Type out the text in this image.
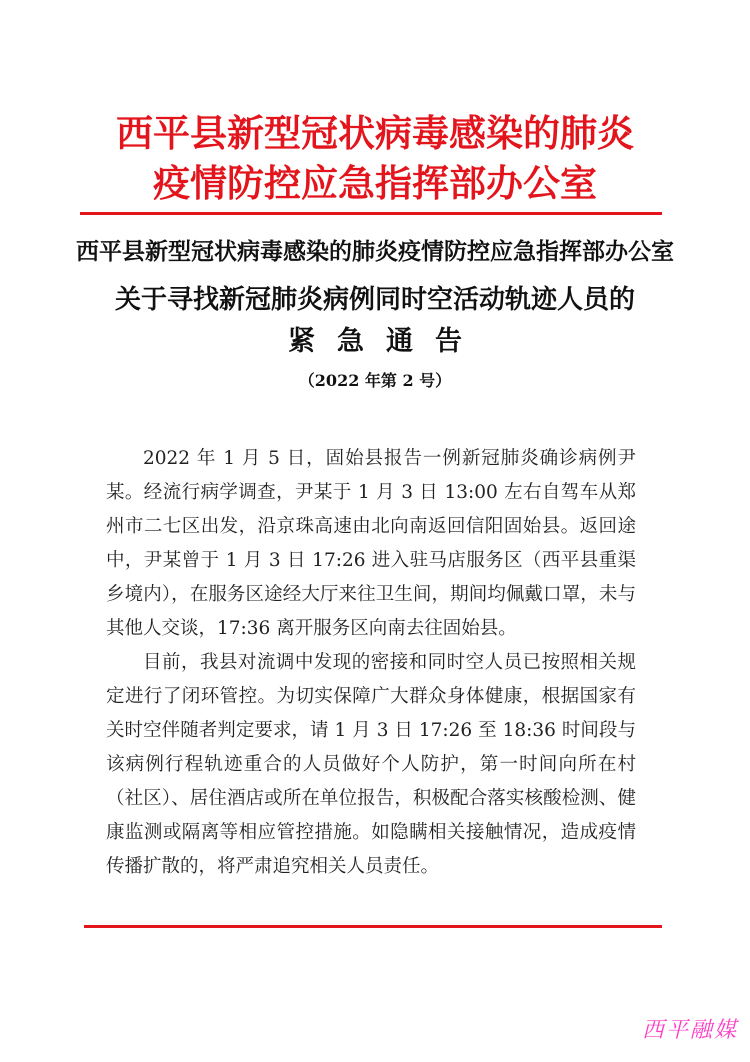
西平县新型冠状病毒感染的肺炎
疫情防控应急指挥部办公室
西平县新型冠状病毒感染的肺炎疫情防控应急指挥部办公室
关于寻找新冠肺炎病例同时空活动轨迹人员的
紧急通告
（2022 年第 2 号）

2022 年 1 月 5 日，固始县报告一例新冠肺炎确诊病例尹某。经流行病学调查，尹某于 1 月 3 日 13:00 左右自驾车从郑州市二七区出发，沿京珠高速由北向南返回信阳固始县。返回途中，尹某曾于 1 月 3 日 17:26 进入驻马店服务区（西平县重渠乡境内），在服务区途经大厅来往卫生间，期间均佩戴口罩，未与其他人交谈，17:36 离开服务区向南去往固始县。

目前，我县对流调中发现的密接和同时空人员已按照相关规定进行了闭环管控。为切实保障广大群众身体健康，根据国家有关时空伴随者判定要求，请 1 月 3 日 17:26 至 18:36 时间段与该病例行程轨迹重合的人员做好个人防护，第一时间向所在村（社区）、居住酒店或所在单位报告，积极配合落实核酸检测、健康监测或隔离等相应管控措施。如隐瞒相关接触情况，造成疫情传播扩散的，将严肃追究相关人员责任。

西平融媒
